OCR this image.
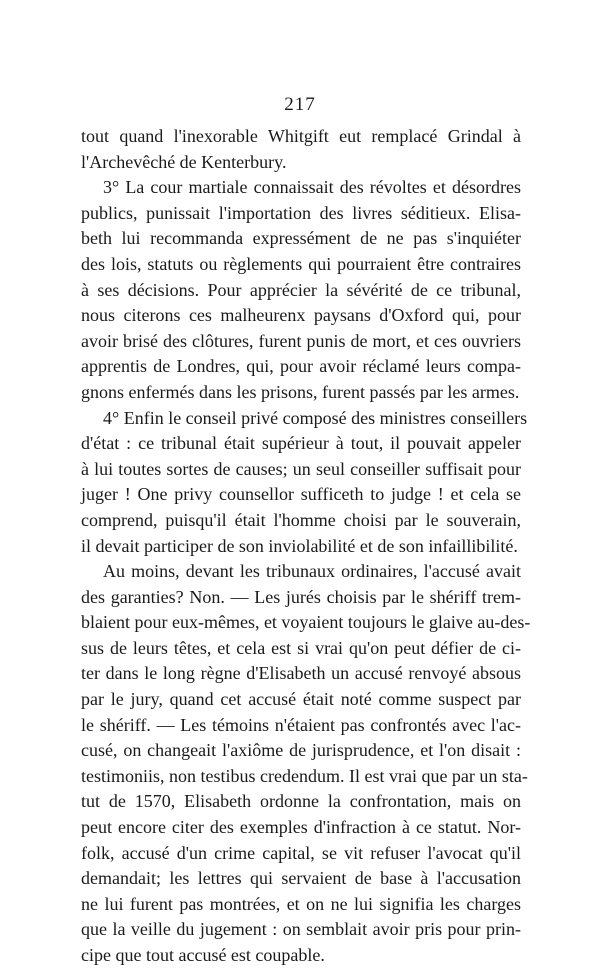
217
tout quand l'inexorable Whitgift eut remplacé Grindal à
l'Archevêché de Kenterbury.
3° La cour martiale connaissait des révoltes et désordres
publics, punissait l'importation des livres séditieux. Elisa-
beth lui recommanda expressément de ne pas s'inquiéter
des lois, statuts ou règlements qui pourraient être contraires
à ses décisions. Pour apprécier la sévérité de ce tribunal,
nous citerons ces malheurenx paysans d'Oxford qui, pour
avoir brisé des clôtures, furent punis de mort, et ces ouvriers
apprentis de Londres, qui, pour avoir réclamé leurs compa-
gnons enfermés dans les prisons, furent passés par les armes.
4° Enfin le conseil privé composé des ministres conseillers
d'état : ce tribunal était supérieur à tout, il pouvait appeler
à lui toutes sortes de causes; un seul conseiller suffisait pour
juger ! One privy counsellor sufficeth to judge ! et cela se
comprend, puisqu'il était l'homme choisi par le souverain,
il devait participer de son inviolabilité et de son infaillibilité.
Au moins, devant les tribunaux ordinaires, l'accusé avait
des garanties? Non. — Les jurés choisis par le shériff trem-
blaient pour eux-mêmes, et voyaient toujours le glaive au-des-
sus de leurs têtes, et cela est si vrai qu'on peut défier de ci-
ter dans le long règne d'Elisabeth un accusé renvoyé absous
par le jury, quand cet accusé était noté comme suspect par
le shériff. — Les témoins n'étaient pas confrontés avec l'ac-
cusé, on changeait l'axiôme de jurisprudence, et l'on disait :
testimoniis, non testibus credendum. Il est vrai que par un sta-
tut de 1570, Elisabeth ordonne la confrontation, mais on
peut encore citer des exemples d'infraction à ce statut. Nor-
folk, accusé d'un crime capital, se vit refuser l'avocat qu'il
demandait; les lettres qui servaient de base à l'accusation
ne lui furent pas montrées, et on ne lui signifia les charges
que la veille du jugement : on semblait avoir pris pour prin-
cipe que tout accusé est coupable.
